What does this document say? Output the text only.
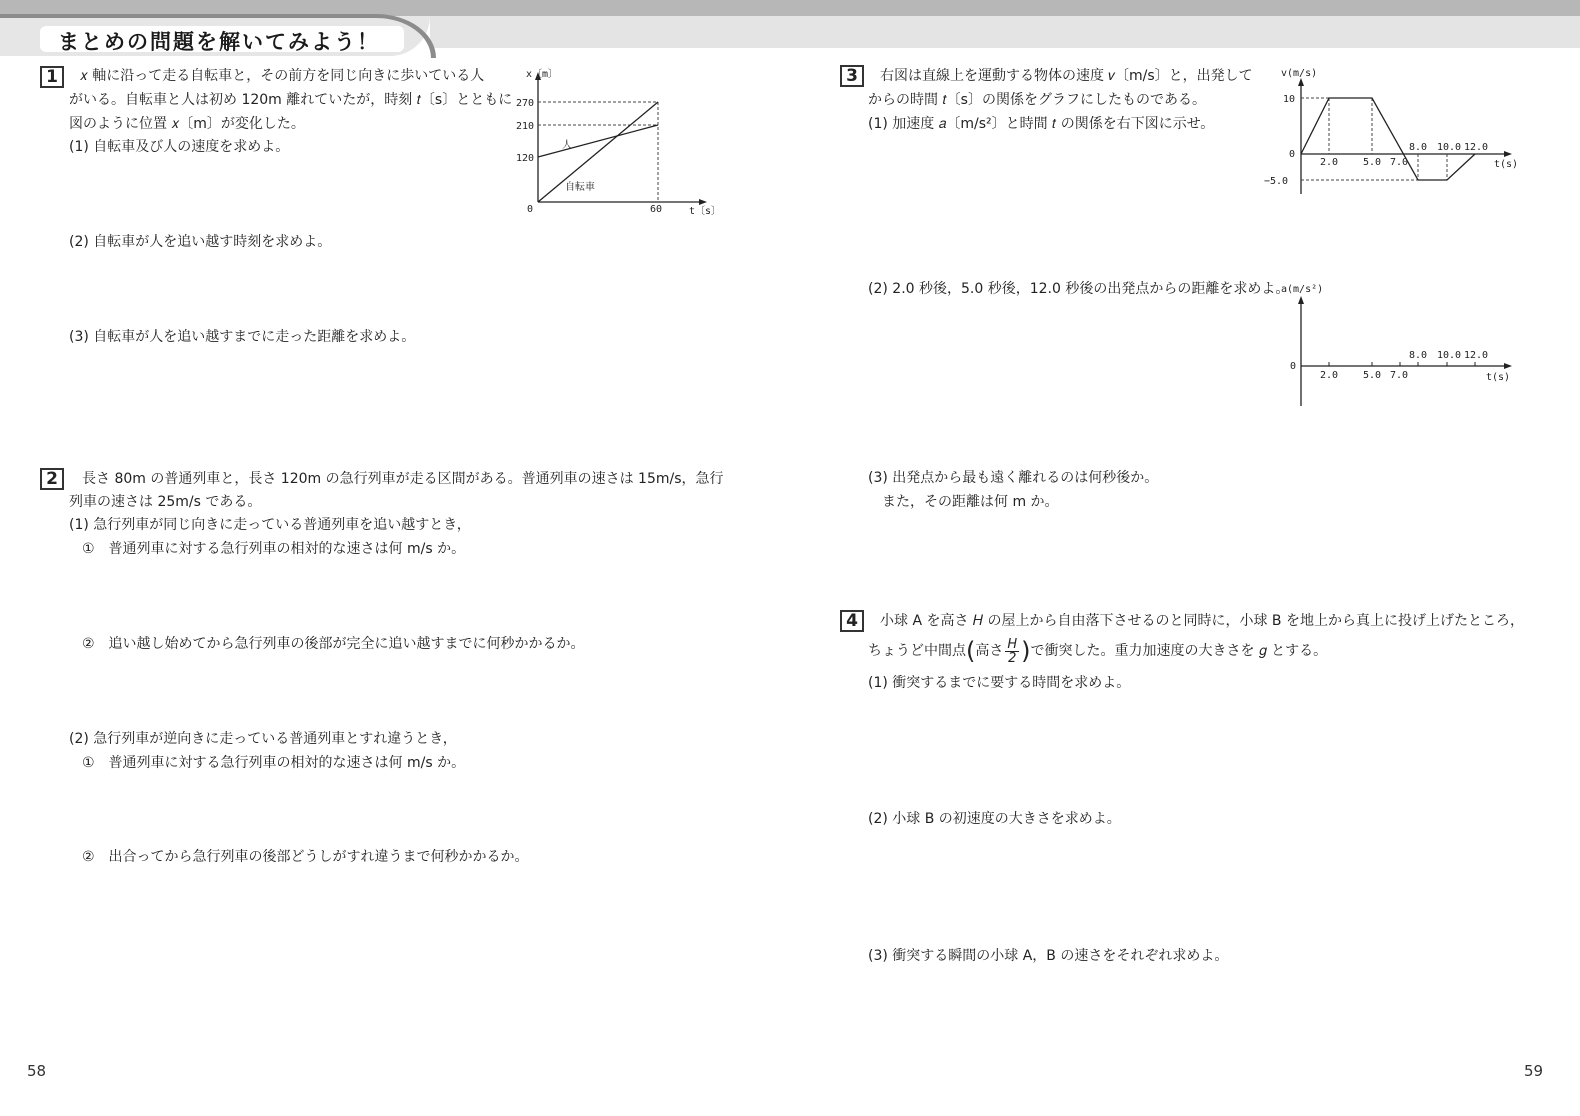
まとめの問題を解いてみよう！
1	𝑥 軸に沿って走る自転車と，その前方を同じ向きに歩いている人
がいる。自転車と人は初め 120m 離れていたが，時刻 𝑡〔s〕とともに
図のように位置 𝑥〔m〕が変化した。
(1) 自転車及び人の速度を求めよ。
(2) 自転車が人を追い越す時刻を求めよ。
(3) 自転車が人を追い越すまでに走った距離を求めよ。
x〔m〕
270
210
120
0	60	t〔s〕
人
自転車
2	長さ 80m の普通列車と，長さ 120m の急行列車が走る区間がある。普通列車の速さは 15m/s，急行
列車の速さは 25m/s である。
(1) 急行列車が同じ向きに走っている普通列車を追い越すとき，
①　普通列車に対する急行列車の相対的な速さは何 m/s か。
②　追い越し始めてから急行列車の後部が完全に追い越すまでに何秒かかるか。
(2) 急行列車が逆向きに走っている普通列車とすれ違うとき，
①　普通列車に対する急行列車の相対的な速さは何 m/s か。
②　出合ってから急行列車の後部どうしがすれ違うまで何秒かかるか。
3	右図は直線上を運動する物体の速度 𝑣〔m/s〕と，出発して
からの時間 𝑡〔s〕の関係をグラフにしたものである。
(1) 加速度 𝑎〔m/s²〕と時間 𝑡 の関係を右下図に示せ。
(2) 2.0 秒後，5.0 秒後，12.0 秒後の出発点からの距離を求めよ。
(3) 出発点から最も遠く離れるのは何秒後か。
また，その距離は何 m か。
v(m/s)
10
0
−5.0
2.0 5.0 7.0
8.0 10.0 12.0
t(s)
a(m/s²)
0
2.0 5.0 7.0
8.0 10.0 12.0
t(s)
4	小球 A を高さ 𝐻 の屋上から自由落下させるのと同時に，小球 B を地上から真上に投げ上げたところ，
ちょうど中間点(高さ $\frac{H}{2}$ )で衝突した。重力加速度の大きさを 𝑔 とする。
(1) 衝突するまでに要する時間を求めよ。
(2) 小球 B の初速度の大きさを求めよ。
(3) 衝突する瞬間の小球 A，B の速さをそれぞれ求めよ。
58	59
